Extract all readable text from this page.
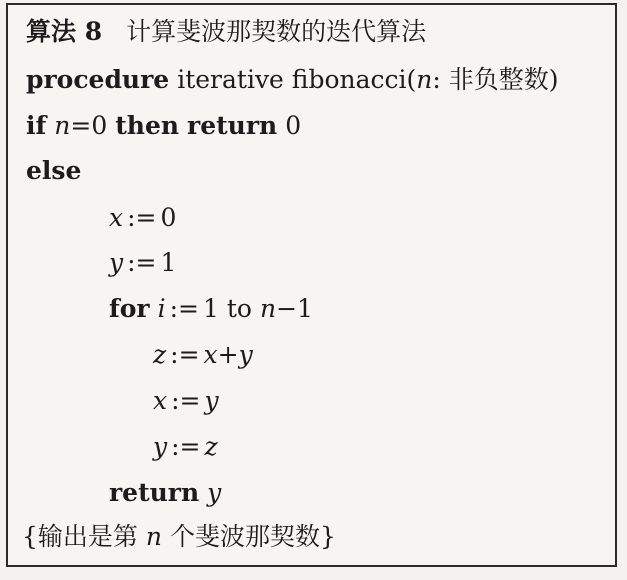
算法 8 计算斐波那契数的迭代算法
procedure iterative fibonacci(n: 非负整数)
if n=0 then return 0
else
x := 0
y := 1
for i := 1 to n−1
z := x+y
x := y
y := z
return y
{输出是第 n 个斐波那契数}
